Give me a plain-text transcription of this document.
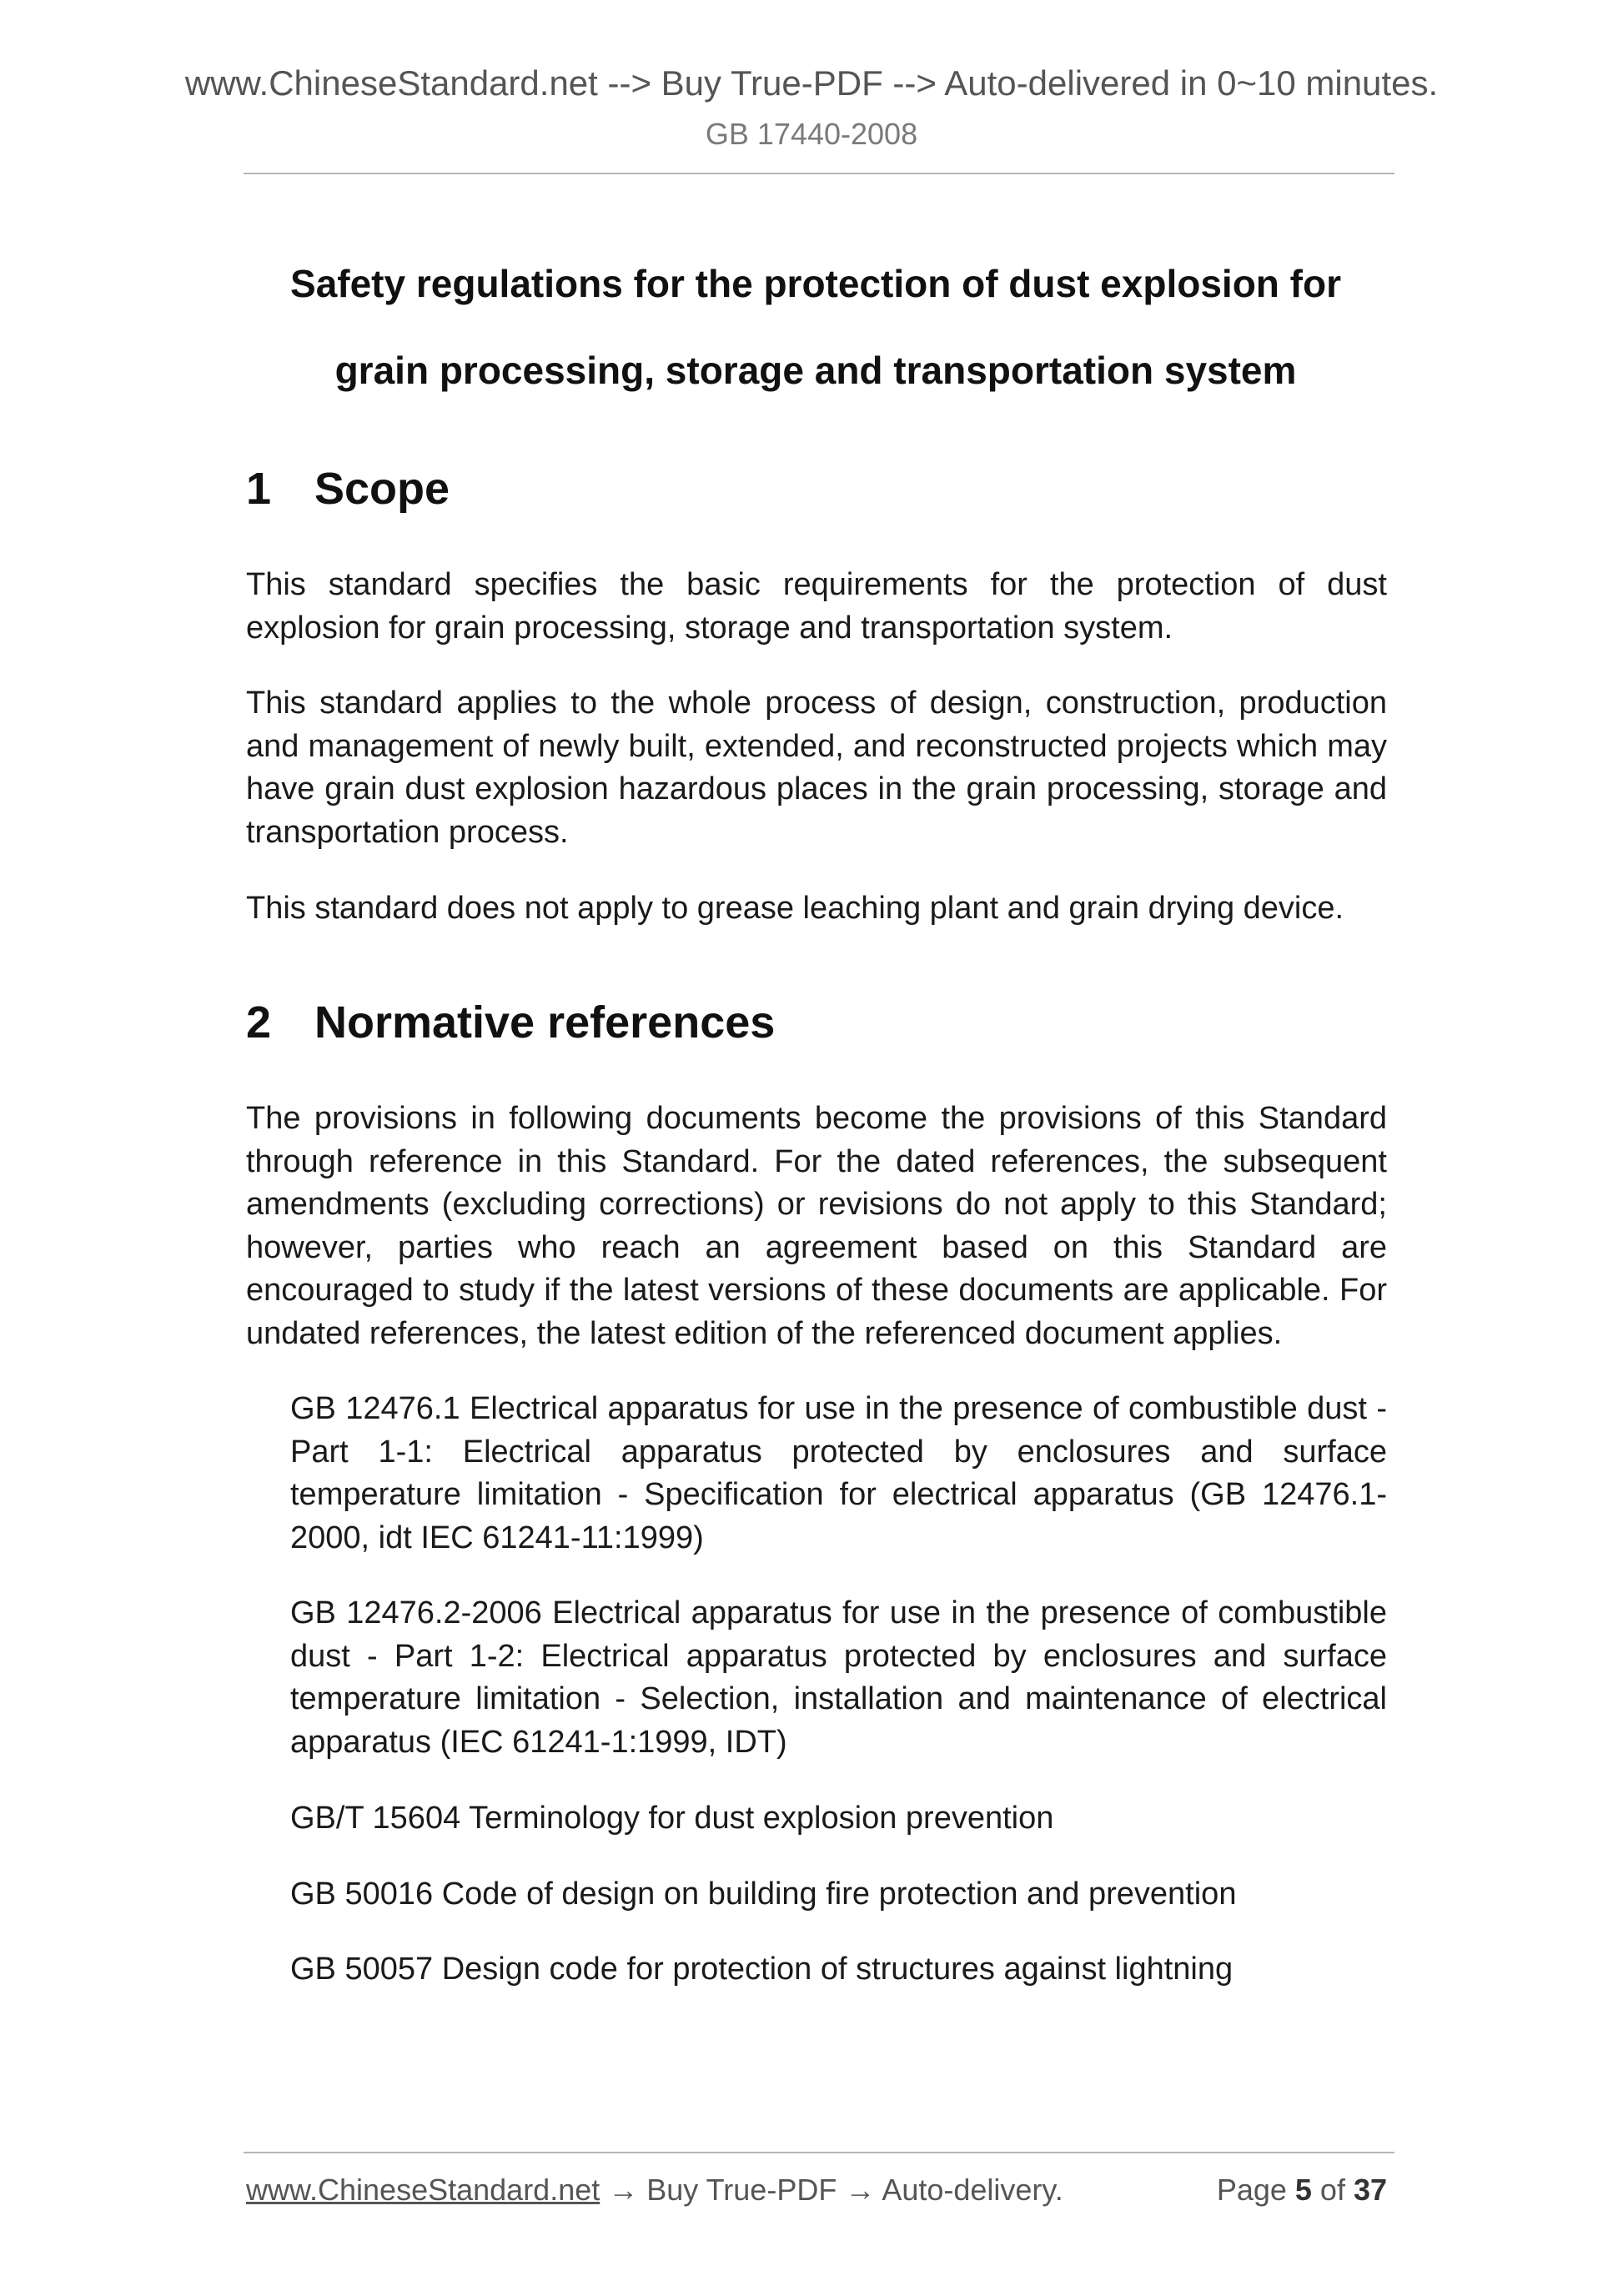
www.ChineseStandard.net --> Buy True-PDF --> Auto-delivered in 0~10 minutes.
GB 17440-2008
Safety regulations for the protection of dust explosion for
grain processing, storage and transportation system
1 Scope
This standard specifies the basic requirements for the protection of dust explosion for grain processing, storage and transportation system.
This standard applies to the whole process of design, construction, production and management of newly built, extended, and reconstructed projects which may have grain dust explosion hazardous places in the grain processing, storage and transportation process.
This standard does not apply to grease leaching plant and grain drying device.
2 Normative references
The provisions in following documents become the provisions of this Standard through reference in this Standard. For the dated references, the subsequent amendments (excluding corrections) or revisions do not apply to this Standard; however, parties who reach an agreement based on this Standard are encouraged to study if the latest versions of these documents are applicable. For undated references, the latest edition of the referenced document applies.
GB 12476.1 Electrical apparatus for use in the presence of combustible dust - Part 1-1: Electrical apparatus protected by enclosures and surface temperature limitation - Specification for electrical apparatus (GB 12476.1-2000, idt IEC 61241-11:1999)
GB 12476.2-2006 Electrical apparatus for use in the presence of combustible dust - Part 1-2: Electrical apparatus protected by enclosures and surface temperature limitation - Selection, installation and maintenance of electrical apparatus (IEC 61241-1:1999, IDT)
GB/T 15604 Terminology for dust explosion prevention
GB 50016 Code of design on building fire protection and prevention
GB 50057 Design code for protection of structures against lightning
www.ChineseStandard.net → Buy True-PDF → Auto-delivery.	Page 5 of 37
